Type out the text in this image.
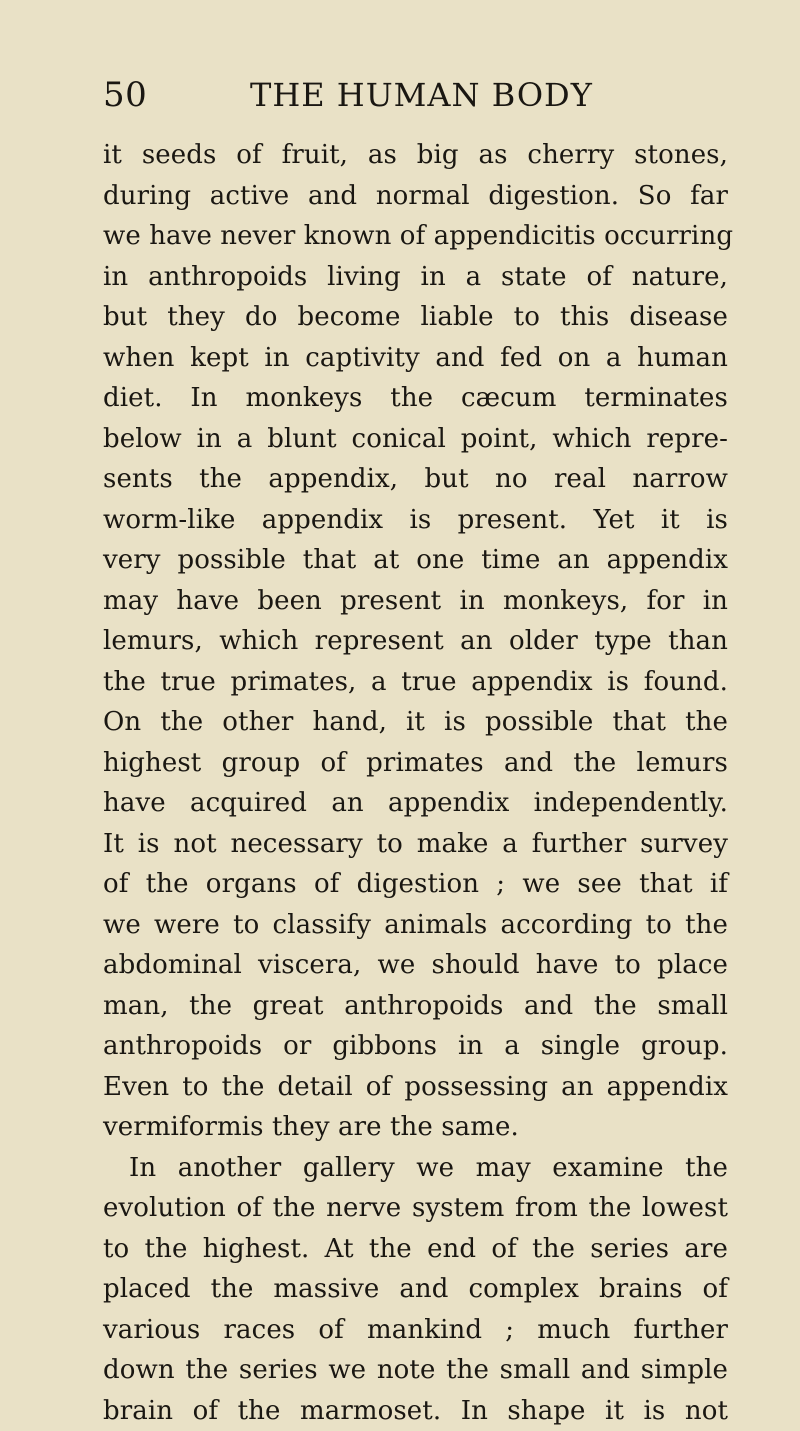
50	THE HUMAN BODY
it seeds of fruit, as big as cherry stones,
during active and normal digestion. So far
we have never known of appendicitis occurring
in anthropoids living in a state of nature,
but they do become liable to this disease
when kept in captivity and fed on a human
diet. In monkeys the cæcum terminates
below in a blunt conical point, which repre-
sents the appendix, but no real narrow
worm-like appendix is present. Yet it is
very possible that at one time an appendix
may have been present in monkeys, for in
lemurs, which represent an older type than
the true primates, a true appendix is found.
On the other hand, it is possible that the
highest group of primates and the lemurs
have acquired an appendix independently.
It is not necessary to make a further survey
of the organs of digestion ; we see that if
we were to classify animals according to the
abdominal viscera, we should have to place
man, the great anthropoids and the small
anthropoids or gibbons in a single group.
Even to the detail of possessing an appendix
vermiformis they are the same.
In another gallery we may examine the
evolution of the nerve system from the lowest
to the highest. At the end of the series are
placed the massive and complex brains of
various races of mankind ; much further
down the series we note the small and simple
brain of the marmoset. In shape it is not
